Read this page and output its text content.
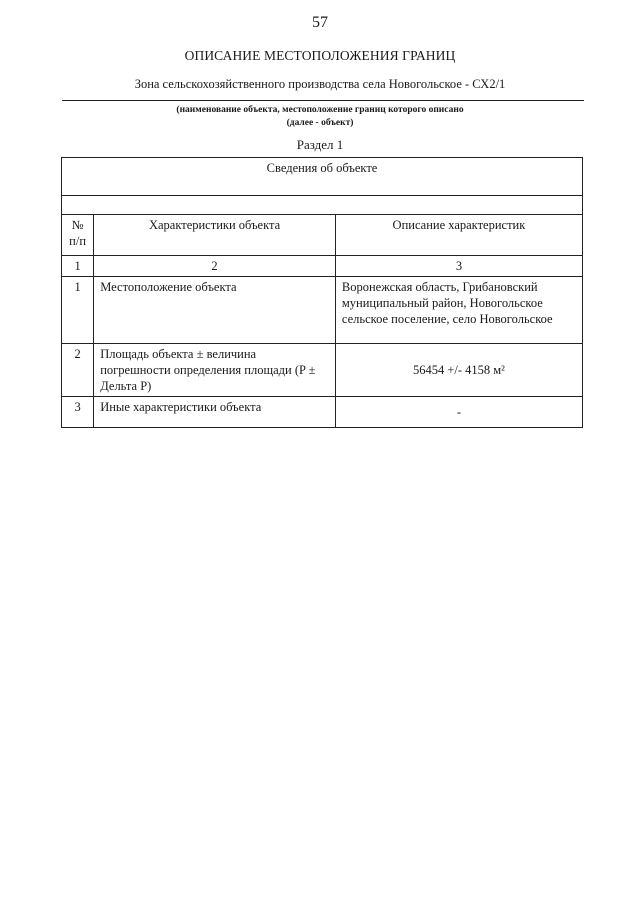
57
ОПИСАНИЕ МЕСТОПОЛОЖЕНИЯ ГРАНИЦ
Зона сельскохозяйственного производства села Новогольское - СХ2/1
(наименование объекта, местоположение границ которого описано
(далее - объект)
Раздел 1
Сведения об объекте		

№ п/п	Характеристики объекта	Описание характеристик
1	2	3
1	Местоположение объекта	Воронежская область, Грибановский муниципальный район, Новогольское сельское поселение, село Новогольское
2	Площадь объекта ± величина погрешности определения площади (P ± Дельта P)	56454 +/- 4158 м²
3	Иные характеристики объекта	-
